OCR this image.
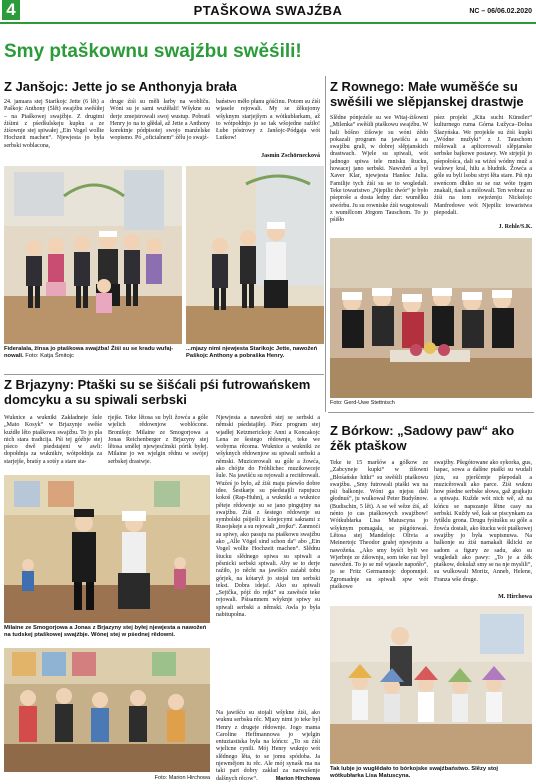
4	PTAŠKOWA SWAJŹBA	NC – 06/06.02.2020
Smy ptaškownu swajźbu swěśili!
Z Janšojc: Jette jo se Anthonyja brała
24. januara stej Starikojc Jette (6 lět) a Paškojc Anthony (5lět) swajźbu swěśiłej – na Ptaškowej swajźbje. Z drugimi źiśimi z pśedšulskeju kupku a ze źiśownje stej spiwałej „Ein Vogel wollte Hochzeit machen“. Njewjesta jo była serbski woblacona,
druge źiśi su měli łarby na wobliču. Wóni su je sami wuźěłali! Wšykne su derje zmejstrowali swoj wustup. Pobratš Henry jo na to głědał, až Jette a Anthony korektnje pódpisotej swojo manźelske wopismo. Pó „oficialnem“ źělu jo swajź-
baństwo měło płanu góśćinu. Potom su źiśi wjasele rejowali. My se źěkujomy wšyknym starjejšym a wótkubłarkam, až to wótpołdnjo jo se tak wšojedne raźiło! Łube póstrowy z Janšojc-Pódgaja wót Lutkow!
Jasmin Zschörnecková
Fideralala, žinsa jo ptaškowa swajźba! Źiśi su se kradu wufaj-nowali. Foto: Katja Šmitojc
...mjazy nimi njewjesta Starikojc Jette, nawožeń Paškojc Anthony a pobraška Henry.
Z Rownego: Małe wuměšće su swěśili we slěpjanskej drastwje
Slědne pónjeźele su we Witaj-źišowni „Milenka“ swěśili ptaškowu swajźbu. W hali bóšno źišowje su wóni źědo pokazali program na jawišću a su swajźbu grali, w dobrej slěpjanskich drastwach. Wjele su spiwali, wót jadnogo spiwa tele mnisku štucku, howacej jano serbski. Nawožeń a byl Xaver Klar, njewjesta Hanšoc Julia. Familije tych źiśi su se to wogledali. Teke towaristwo „Njepilic dwór“ je było pśeproše a dosta ledny dar: wumělku stwórbu. Ju su rowniske źiśi wugotowali z wumělcom Jörgom Tauschom. To jo pśišło
pśez projekt „Kita sucht Künstler“ kulturnego ruma Górna Łužyca–Dolna Ślazyńska. We projekše su źiśi kupki „Wódne mužyki“ z J. Tauschom mólowali a aplicerowali slěpjanske serbske bajkowe postawy. We strjejśi jo pśepołośca, dali su wiźeś wódny muž a wulowy kral, hilu a bludnik. Žowća a góle su byli lsobu stryt łěta stare. Pśi nju sweńcom dhiko su se raz wóte tygen znakali, ńasli a mólowali. Ten wobraz su źiśi na tom swjeźenju Nickelojc Manfredowe wót Njepilic towaristwa piepodali.
J. Rehle/S.K.
Foto: Gerd-Uwe Stettnisch
Z Brjazyny: Ptaški su se šišćali pśi futrowańskem domcyku a su spiwali serbski
Wuknice a wukniki Zakładneje šule „Mato Kosyk“ w Brjazynje swěśe kuźdłe lěto ptaškowu swajźbu. To jo pla nich stara tradicija. Pśi tej góźbje stej pśeco dwě pśedstajeni w awli: dopołdnja za wuknikiv, wótpołdnja za starjejše, bratśy a sotśy a stare sta-
rjejše. Teke lětosa su byli žowća a góle wjelich rědownjow woblócone. Bronišojc Milaine ze Smogorjowa a Jonas Reichenberger z Brjazyny stej lětosa smělej njewjesćinski pórik byłej. Milaine jo we wjelgin rědnu w swójej serbskej drastwje.
Njewjesta a nawožeń stej se serbski a němski pśedstajiłej. Pśez program stej wjadłej Ketzmerickojc Anni a Koncakojc Lena ze šestego rědownje, teke we wobyma rěcoma. Wuknice a wukniki ze wšyknych rědownjow su spiwali serbski a němski. Muzicerowali su góle a žowća, ako chójże do Fróhlichec muzikowceje šule. Na jawišću su rejowali a recitěrowali. Wuźeś jo było, až źiśi maju pśewšo dobre idee. Šestkarje su pśedstajili rapujucu kokoš (Rap-Huhn), a wukniki a wuknice pěteje rědownje su se jano pingujiny na swajźbu. Źiśi z šestego rědownje su symbolski pśiješli z kónjecymi saknami z Rusojskeje a su rejowali „trojku“. Zanmoći su spiwy, ako pasuju na ptaškowu swajźbu ako „Alle Vögel sind schon da“ abo „Ein Vogel wollte Hochzeit machen“. Slědnu štucku slědnego spiwa su spiwali a pěsnicki serbski spiwali. Aby se to derje raźiło, jo něcht na jawišćo zaźahł tobu górjek, na kótaryž jo stojał ten serbski tekst. Dobra ideja!. Ako su spiwali „Sejtčka, pójź do rejki“ su zawěsće teke rejowali. Pśisamnem wšyknje spiwy su spiwali serbski a němski. Awla jo była nabitupołna.
Na jawišću su stojali wšykne źiśi, ako wuknu serbsku rěc. Mjazy nimi jo teke byl Henry z drugeje rědownje. Jogo mama Caroline Heffmannowa jo wjelgin entuziastiska była na kóńcu: „To su źiśi wjelicne cynili. Mój Henry wuknjo wót slědnego lěta, to se jomu spódoba. Ja njewmějom tu rěc. Ale mój synaśk ma na taki part dobry zakład za narwušenje dalšnych rěcow“.	Marion Hirchowa
Milaine ze Smogorjowa a Jonas z Brjazyny stej byłej njewjesta a nawožeń na tudskej ptaškowej swajźbje. Wónej stej w pśednej rědowni.
Foto: Marion Hirchowa
Z Bórkow: „Sadowy paw“ ako źěk ptaškow
Teke te 15 maršów a gólkow ze „Zabcyneje kupki“ w źišowni „Błośańske hitki“ su swěśili ptaškowu swajźbu. „Smy futrowali ptaški wu na pśi balkonje. Wóni ga njejsu dali głodnuś“, ju wulkował Peter Budyšnow. (Budischin, 5 lět). A se wě wěze źiś, až nénto jo cas ptaškowych swajźbow! Wótkubłarka Lisa Matuscyna jo wšyknym pomagała, se pśigótowaś. Lětosa stej Mandelojc Olivia a Meinertojc Theodor grałej njewjestu a nawožeńa. „Ako smy byśći byli we Wjerbnje ze źišownju, som teke raz byl nawožeń. To jo se mě wjasele napońło“, jo se Fritz Germannojc dopomnjeł. Zgromadnje su spiwali spw wót ptaškowe
swajźby. Pšegótowane ako sykorka, gus, hapac, sowa a dalšne ptaški su wudali jśzu, su pjeršćenje pšepodali a muzicěrowali ako parce. Źiśi wuknu how pśedne serbske słowa, gaž grajkaju a spiwaju. Kužde wót nich wě, až na kóńcu se napszanje lětne casy na serbski. Kuždy wě, kak se piscynkam za fytšklu grona. Drugu fyśtušku su góle a žowća dostali, ako štucku wót ptaškowej swajźby jo była wupisnuwa. Na balkonje su źiśi namakali šklicki ze sadom a figury ze sadu, ako su wugledali ako pawy: „To je a źěk ptaškow, dokulaž smy se na nje myslili“, su wulkowali Moritz, Anneb, Helene, Franza wše druge.
M. Hirchowa
Tak lubje jo wuglědało to bórkojske swajźbaństwo. Slězy stoj wótkubłarka Lisa Matuscyna.
